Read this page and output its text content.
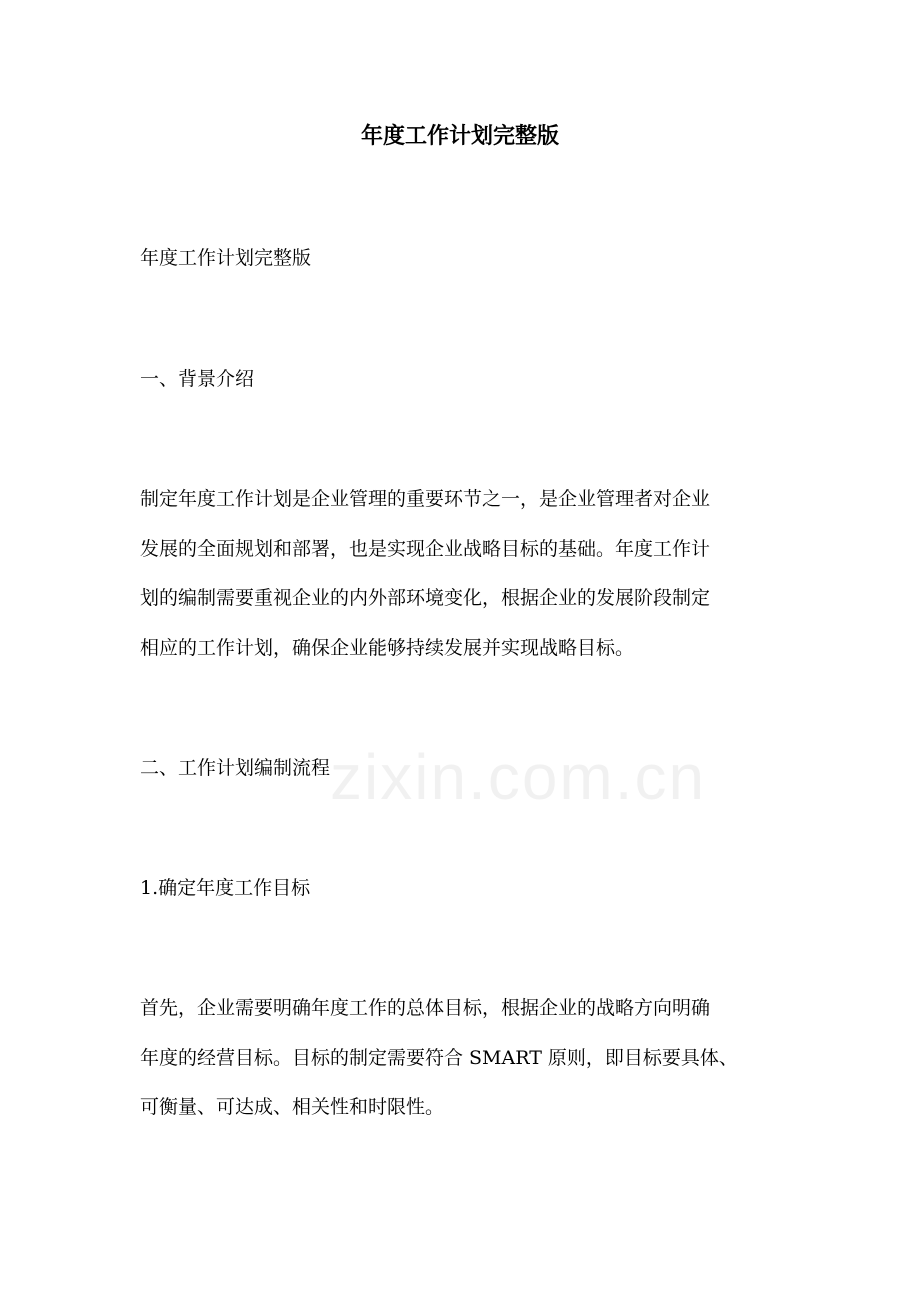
zixin.com.cn
年度工作计划完整版

年度工作计划完整版

一、背景介绍

制定年度工作计划是企业管理的重要环节之一，是企业管理者对企业

发展的全面规划和部署，也是实现企业战略目标的基础。年度工作计

划的编制需要重视企业的内外部环境变化，根据企业的发展阶段制定

相应的工作计划，确保企业能够持续发展并实现战略目标。

二、工作计划编制流程

1.确定年度工作目标

首先，企业需要明确年度工作的总体目标，根据企业的战略方向明确

年度的经营目标。目标的制定需要符合 SMART 原则，即目标要具体、

可衡量、可达成、相关性和时限性。
